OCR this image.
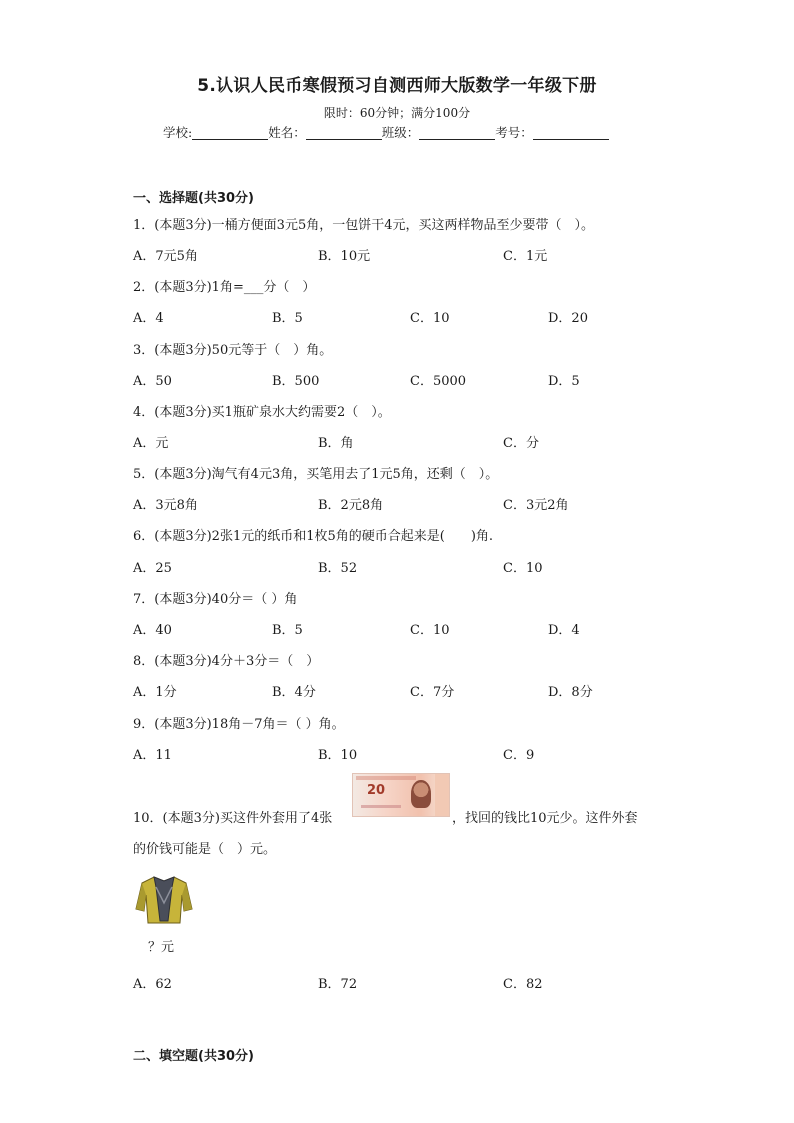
5.认识人民币寒假预习自测西师大版数学一年级下册
限时：60分钟；满分100分
学校:	姓名：	班级：	考号：
一、选择题(共30分)
1．(本题3分)一桶方便面3元5角，一包饼干4元，买这两样物品至少要带（　）。
A．7元5角	B．10元	C．1元
2．(本题3分)1角=___分（　）
A．4	B．5	C．10	D．20
3．(本题3分)50元等于（　）角。
A．50	B．500	C．5000	D．5
4．(本题3分)买1瓶矿泉水大约需要2（　）。
A．元	B．角	C．分
5．(本题3分)淘气有4元3角，买笔用去了1元5角，还剩（　）。
A．3元8角	B．2元8角	C．3元2角
6．(本题3分)2张1元的纸币和1枚5角的硬币合起来是(　　)角.
A．25	B．52	C．10
7．(本题3分)40分＝（ ）角
A．40	B．5	C．10	D．4
8．(本题3分)4分＋3分＝（　）
A．1分	B．4分	C．7分	D．8分
9．(本题3分)18角－7角＝（ ）角。
A．11	B．10	C．9
10．(本题3分)买这件外套用了4张
20
，找回的钱比10元少。这件外套
的价钱可能是（　）元。
？元
A．62	B．72	C．82
二、填空题(共30分)
